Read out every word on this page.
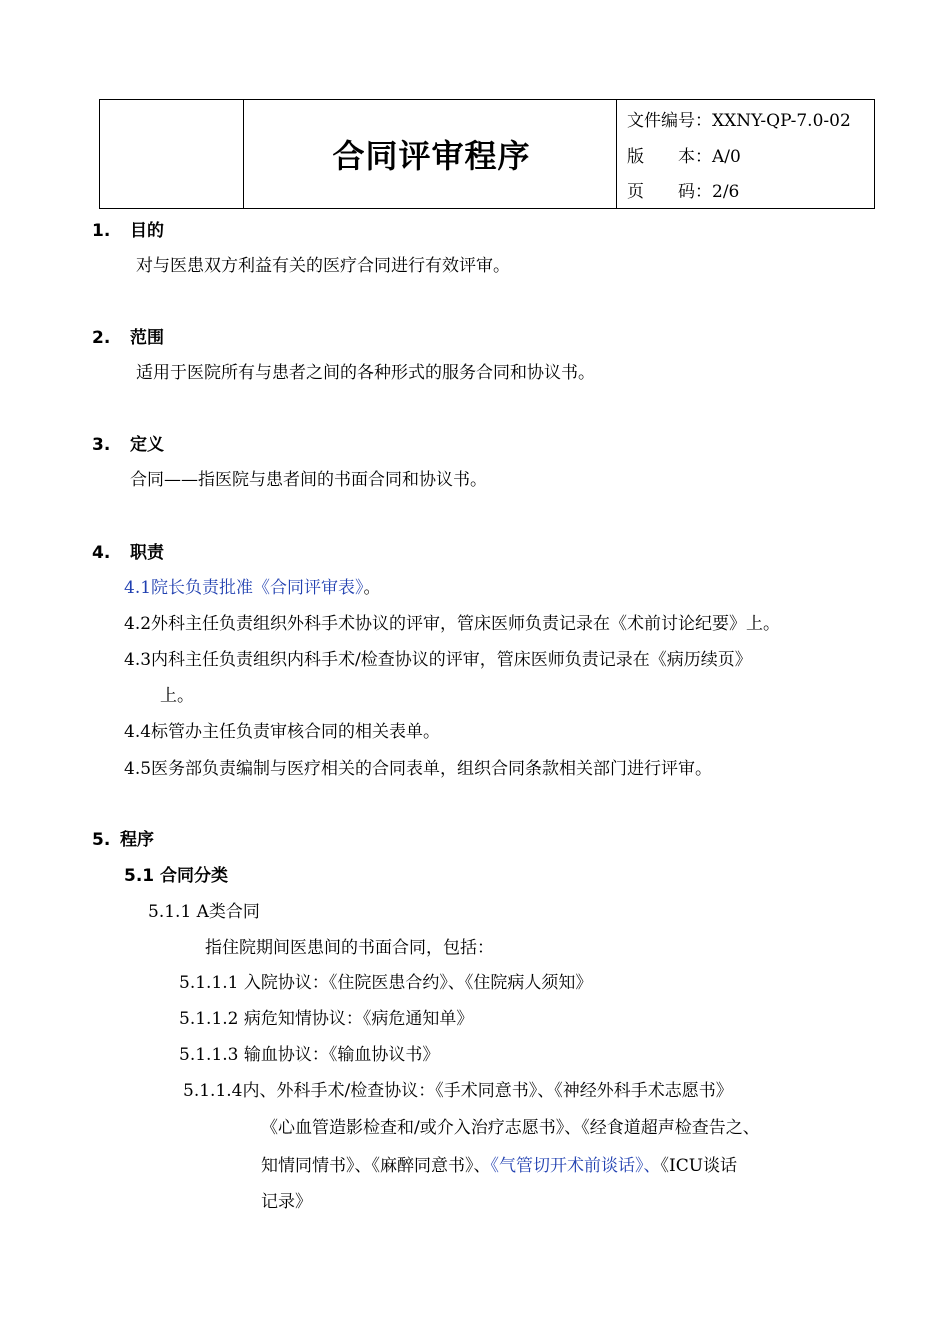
合同评审程序
文件编号：XXNY-QP-7.0-02
版　　本：A/0
页　　码：2/6
1. 目的
对与医患双方利益有关的医疗合同进行有效评审。
2. 范围
适用于医院所有与患者之间的各种形式的服务合同和协议书。
3. 定义
合同——指医院与患者间的书面合同和协议书。
4. 职责
4.1院长负责批准《合同评审表》。
4.2外科主任负责组织外科手术协议的评审，管床医师负责记录在《术前讨论纪要》上。
4.3内科主任负责组织内科手术/检查协议的评审，管床医师负责记录在《病历续页》
上。
4.4标管办主任负责审核合同的相关表单。
4.5医务部负责编制与医疗相关的合同表单，组织合同条款相关部门进行评审。
5. 程序
5.1 合同分类
5.1.1 A类合同
指住院期间医患间的书面合同，包括：
5.1.1.1 入院协议：《住院医患合约》、《住院病人须知》
5.1.1.2 病危知情协议：《病危通知单》
5.1.1.3 输血协议：《输血协议书》
5.1.1.4内、外科手术/检查协议：《手术同意书》、《神经外科手术志愿书》
《心血管造影检查和/或介入治疗志愿书》、《经食道超声检查告之、
知情同情书》、《麻醉同意书》、《气管切开术前谈话》、《ICU谈话
记录》
